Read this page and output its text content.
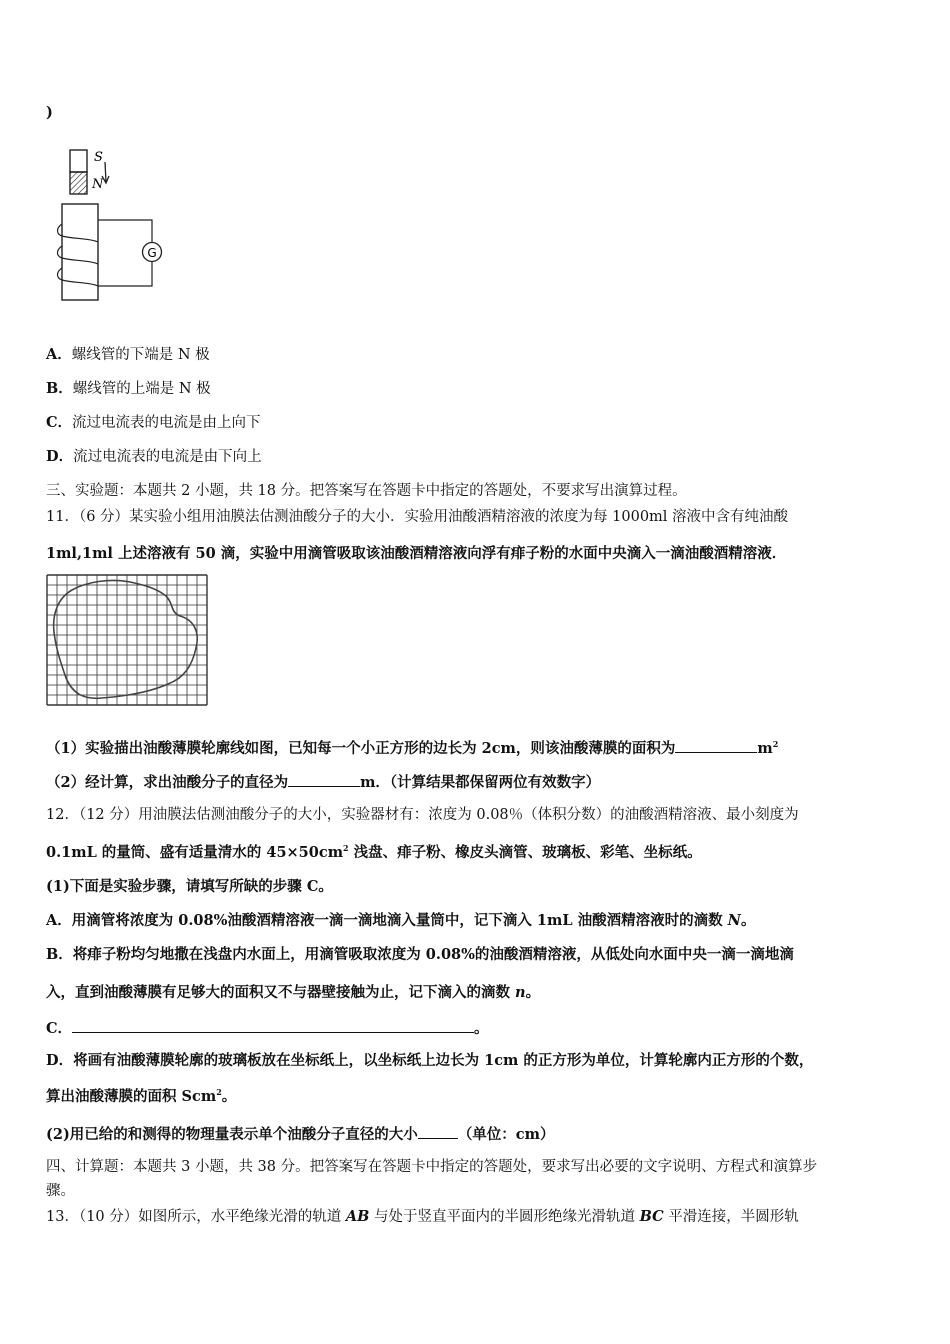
)
S
N
G
A．螺线管的下端是 N 极
B．螺线管的上端是 N 极
C．流过电流表的电流是由上向下
D．流过电流表的电流是由下向上
三、实验题：本题共 2 小题，共 18 分。把答案写在答题卡中指定的答题处，不要求写出演算过程。
11．（6 分）某实验小组用油膜法估测油酸分子的大小．实验用油酸酒精溶液的浓度为每 1000ml 溶液中含有纯油酸
1ml,1ml 上述溶液有 50 滴，实验中用滴管吸取该油酸酒精溶液向浮有痱子粉的水面中央滴入一滴油酸酒精溶液．
（1）实验描出油酸薄膜轮廓线如图，已知每一个小正方形的边长为 2cm，则该油酸薄膜的面积为	$m^2$
（2）经计算，求出油酸分子的直径为	m．（计算结果都保留两位有效数字）
12．（12 分）用油膜法估测油酸分子的大小，实验器材有：浓度为 0.08％（体积分数）的油酸酒精溶液、最小刻度为
0.1mL 的量筒、盛有适量清水的 $45\times 50cm^2$ 浅盘、痱子粉、橡皮头滴管、玻璃板、彩笔、坐标纸。
(1)下面是实验步骤，请填写所缺的步骤 C。
A．用滴管将浓度为 0.08%油酸酒精溶液一滴一滴地滴入量筒中，记下滴入 1mL 油酸酒精溶液时的滴数 N。
B．将痱子粉均匀地撒在浅盘内水面上，用滴管吸取浓度为 0.08%的油酸酒精溶液，从低处向水面中央一滴一滴地滴
入，直到油酸薄膜有足够大的面积又不与器壁接触为止，记下滴入的滴数 n。
C．	。
D．将画有油酸薄膜轮廓的玻璃板放在坐标纸上，以坐标纸上边长为 1cm 的正方形为单位，计算轮廓内正方形的个数，
算出油酸薄膜的面积 Scm$^2$。
(2)用已给的和测得的物理量表示单个油酸分子直径的大小	（单位：cm）
四、计算题：本题共 3 小题，共 38 分。把答案写在答题卡中指定的答题处，要求写出必要的文字说明、方程式和演算步
骤。
13．（10 分）如图所示，水平绝缘光滑的轨道 AB 与处于竖直平面内的半圆形绝缘光滑轨道 BC 平滑连接，半圆形轨
